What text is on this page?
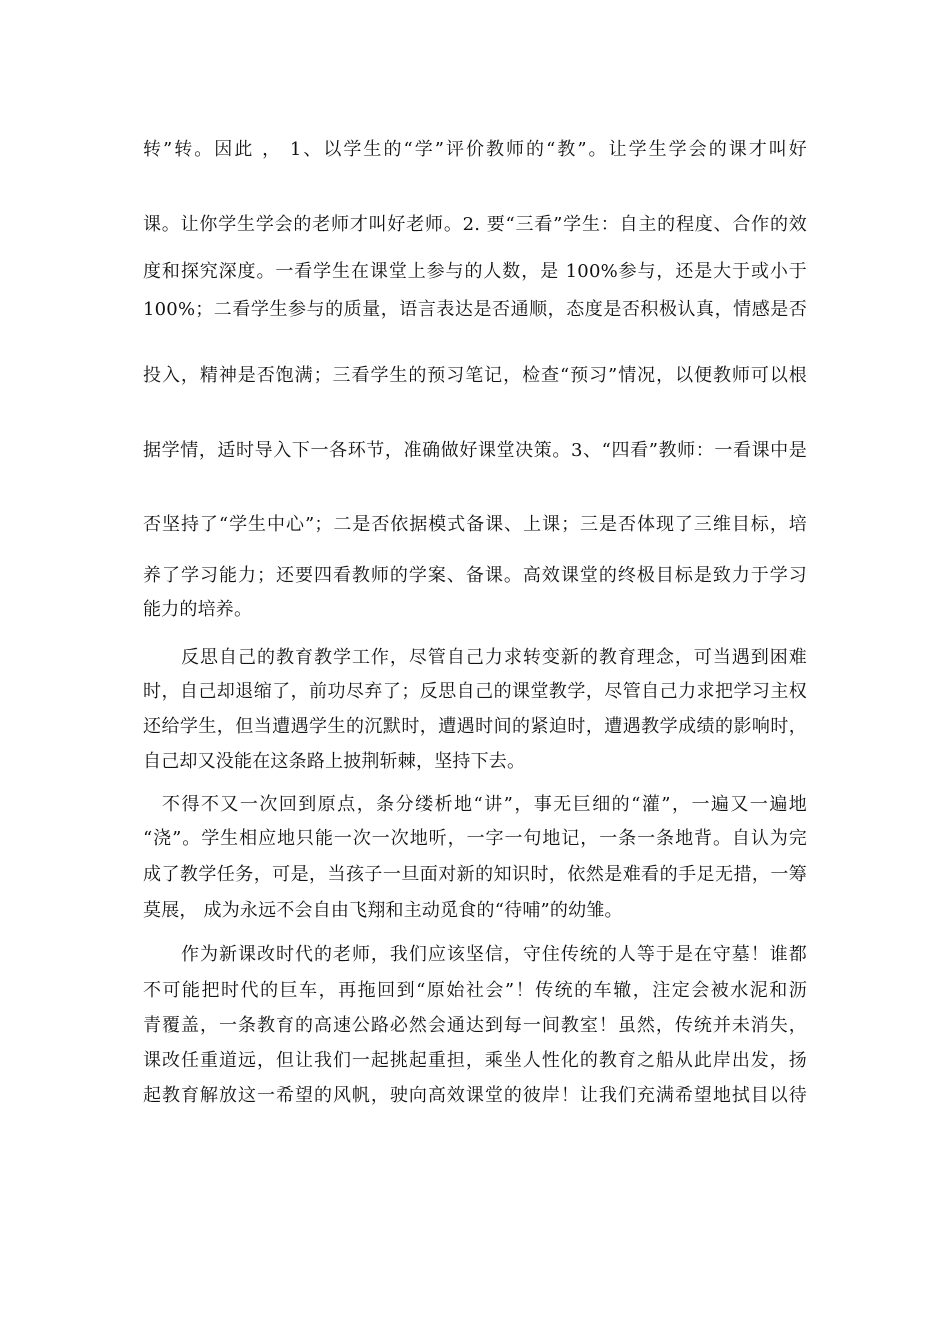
转”转。因此 ， 1、以学生的“学”评价教师的“教”。让学生学会的课才叫好
课。让你学生学会的老师才叫好老师。2. 要“三看”学生：自主的程度、合作的效
度和探究深度。一看学生在课堂上参与的人数，是 100%参与，还是大于或小于
100%；二看学生参与的质量，语言表达是否通顺，态度是否积极认真，情感是否
投入，精神是否饱满；三看学生的预习笔记，检查“预习”情况，以便教师可以根
据学情，适时导入下一各环节，准确做好课堂决策。3、“四看”教师：一看课中是
否坚持了“学生中心”；二是否依据模式备课、上课；三是否体现了三维目标，培
养了学习能力；还要四看教师的学案、备课。高效课堂的终极目标是致力于学习
能力的培养。
反思自己的教育教学工作，尽管自己力求转变新的教育理念，可当遇到困难
时，自己却退缩了，前功尽弃了；反思自己的课堂教学，尽管自己力求把学习主权
还给学生，但当遭遇学生的沉默时，遭遇时间的紧迫时，遭遇教学成绩的影响时，
自己却又没能在这条路上披荆斩棘，坚持下去。
不得不又一次回到原点，条分缕析地“讲”，事无巨细的“灌”，一遍又一遍地
“浇”。学生相应地只能一次一次地听，一字一句地记，一条一条地背。自认为完
成了教学任务，可是，当孩子一旦面对新的知识时，依然是难看的手足无措，一筹
莫展， 成为永远不会自由飞翔和主动觅食的“待哺”的幼雏。
作为新课改时代的老师，我们应该坚信，守住传统的人等于是在守墓！谁都
不可能把时代的巨车，再拖回到“原始社会”！传统的车辙，注定会被水泥和沥
青覆盖，一条教育的高速公路必然会通达到每一间教室！虽然，传统并未消失，
课改任重道远，但让我们一起挑起重担，乘坐人性化的教育之船从此岸出发，扬
起教育解放这一希望的风帆，驶向高效课堂的彼岸！让我们充满希望地拭目以待
